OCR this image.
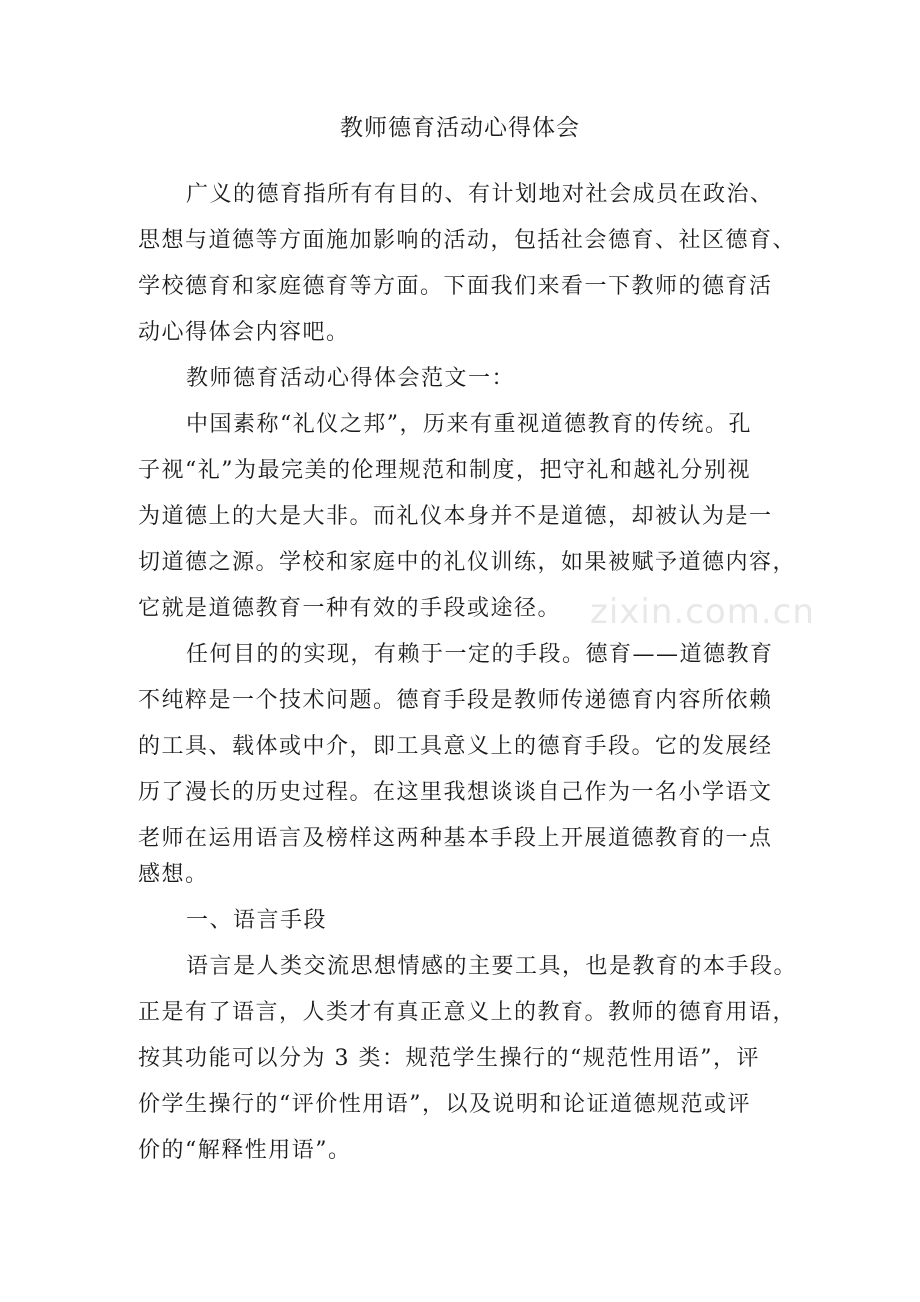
zixin.com.cn
教师德育活动心得体会
广义的德育指所有有目的、有计划地对社会成员在政治、
思想与道德等方面施加影响的活动，包括社会德育、社区德育、
学校德育和家庭德育等方面。下面我们来看一下教师的德育活
动心得体会内容吧。
教师德育活动心得体会范文一：
中国素称“礼仪之邦”，历来有重视道德教育的传统。孔
子视“礼”为最完美的伦理规范和制度，把守礼和越礼分别视
为道德上的大是大非。而礼仪本身并不是道德，却被认为是一
切道德之源。学校和家庭中的礼仪训练，如果被赋予道德内容，
它就是道德教育一种有效的手段或途径。
任何目的的实现，有赖于一定的手段。德育——道德教育
不纯粹是一个技术问题。德育手段是教师传递德育内容所依赖
的工具、载体或中介，即工具意义上的德育手段。它的发展经
历了漫长的历史过程。在这里我想谈谈自己作为一名小学语文
老师在运用语言及榜样这两种基本手段上开展道德教育的一点
感想。
一、语言手段
语言是人类交流思想情感的主要工具，也是教育的本手段。
正是有了语言，人类才有真正意义上的教育。教师的德育用语，
按其功能可以分为 3 类：规范学生操行的“规范性用语”，评
价学生操行的“评价性用语”，以及说明和论证道德规范或评
价的“解释性用语”。
